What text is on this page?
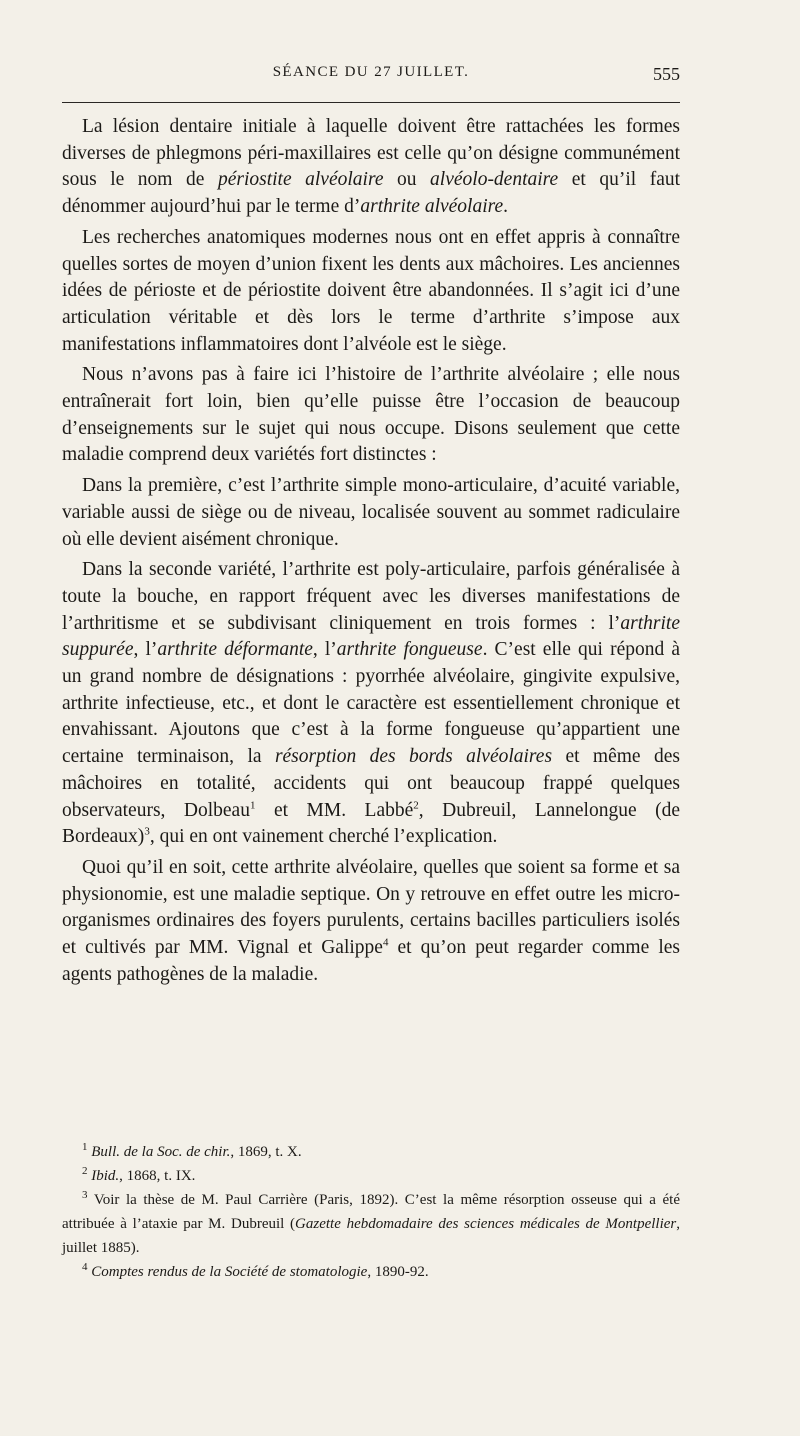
SÉANCE DU 27 JUILLET.	555

La lésion dentaire initiale à laquelle doivent être rattachées les formes diverses de phlegmons péri-maxillaires est celle qu’on désigne communément sous le nom de périostite alvéolaire ou alvéolo-dentaire et qu’il faut dénommer aujourd’hui par le terme d’arthrite alvéolaire.

Les recherches anatomiques modernes nous ont en effet appris à connaître quelles sortes de moyen d’union fixent les dents aux mâchoires. Les anciennes idées de périoste et de périostite doivent être abandonnées. Il s’agit ici d’une articulation véritable et dès lors le terme d’arthrite s’impose aux manifestations inflammatoires dont l’alvéole est le siège.

Nous n’avons pas à faire ici l’histoire de l’arthrite alvéolaire ; elle nous entraînerait fort loin, bien qu’elle puisse être l’occasion de beaucoup d’enseignements sur le sujet qui nous occupe. Disons seulement que cette maladie comprend deux variétés fort distinctes :

Dans la première, c’est l’arthrite simple mono-articulaire, d’acuité variable, variable aussi de siège ou de niveau, localisée souvent au sommet radiculaire où elle devient aisément chronique.

Dans la seconde variété, l’arthrite est poly-articulaire, parfois généralisée à toute la bouche, en rapport fréquent avec les diverses manifestations de l’arthritisme et se subdivisant cliniquement en trois formes : l’arthrite suppurée, l’arthrite déformante, l’arthrite fongueuse. C’est elle qui répond à un grand nombre de désignations : pyorrhée alvéolaire, gingivite expulsive, arthrite infectieuse, etc., et dont le caractère est essentiellement chronique et envahissant. Ajoutons que c’est à la forme fongueuse qu’appartient une certaine terminaison, la résorption des bords alvéolaires et même des mâchoires en totalité, accidents qui ont beaucoup frappé quelques observateurs, Dolbeau$^1$ et MM. Labbé$^2$, Dubreuil, Lannelongue (de Bordeaux)$^3$, qui en ont vainement cherché l’explication.

Quoi qu’il en soit, cette arthrite alvéolaire, quelles que soient sa forme et sa physionomie, est une maladie septique. On y retrouve en effet outre les micro-organismes ordinaires des foyers purulents, certains bacilles particuliers isolés et cultivés par MM. Vignal et Galippe$^4$ et qu’on peut regarder comme les agents pathogènes de la maladie.

$^1$ Bull. de la Soc. de chir., 1869, t. X.

$^2$ Ibid., 1868, t. IX.

$^3$ Voir la thèse de M. Paul Carrière (Paris, 1892). C’est la même résorption osseuse qui a été attribuée à l’ataxie par M. Dubreuil (Gazette hebdomadaire des sciences médicales de Montpellier, juillet 1885).

$^4$ Comptes rendus de la Société de stomatologie, 1890-92.
